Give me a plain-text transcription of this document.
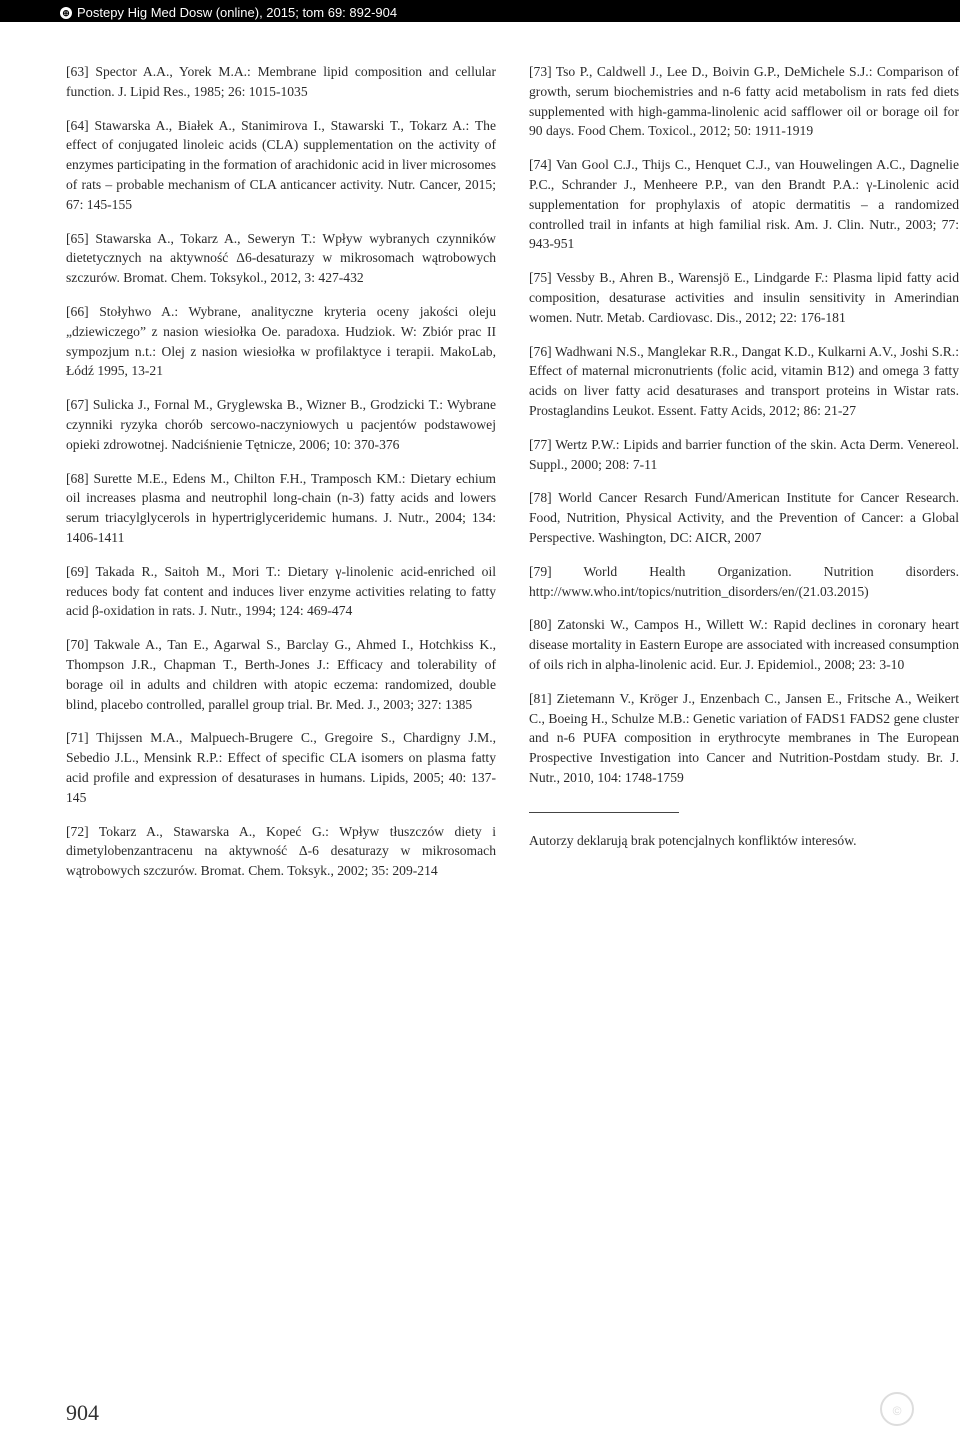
⊕ Postepy Hig Med Dosw (online), 2015; tom 69: 892-904

[63] Spector A.A., Yorek M.A.: Membrane lipid composition and cellular function. J. Lipid Res., 1985; 26: 1015-1035

[64] Stawarska A., Białek A., Stanimirova I., Stawarski T., Tokarz A.: The effect of conjugated linoleic acids (CLA) supplementation on the activity of enzymes participating in the formation of arachidonic acid in liver microsomes of rats – probable mechanism of CLA anticancer activity. Nutr. Cancer, 2015; 67: 145-155

[65] Stawarska A., Tokarz A., Seweryn T.: Wpływ wybranych czynników dietetycznych na aktywność Δ6-desaturazy w mikrosomach wątrobowych szczurów. Bromat. Chem. Toksykol., 2012, 3: 427-432

[66] Stołyhwo A.: Wybrane, analityczne kryteria oceny jakości oleju „dziewiczego” z nasion wiesiołka Oe. paradoxa. Hudziok. W: Zbiór prac II sympozjum n.t.: Olej z nasion wiesiołka w profilaktyce i terapii. MakoLab, Łódź 1995, 13-21

[67] Sulicka J., Fornal M., Gryglewska B., Wizner B., Grodzicki T.: Wybrane czynniki ryzyka chorób sercowo-naczyniowych u pacjentów podstawowej opieki zdrowotnej. Nadciśnienie Tętnicze, 2006; 10: 370-376

[68] Surette M.E., Edens M., Chilton F.H., Tramposch KM.: Dietary echium oil increases plasma and neutrophil long-chain (n-3) fatty acids and lowers serum triacylglycerols in hypertriglyceridemic humans. J. Nutr., 2004; 134: 1406-1411

[69] Takada R., Saitoh M., Mori T.: Dietary γ-linolenic acid-enriched oil reduces body fat content and induces liver enzyme activities relating to fatty acid β-oxidation in rats. J. Nutr., 1994; 124: 469-474

[70] Takwale A., Tan E., Agarwal S., Barclay G., Ahmed I., Hotchkiss K., Thompson J.R., Chapman T., Berth-Jones J.: Efficacy and tolerability of borage oil in adults and children with atopic eczema: randomized, double blind, placebo controlled, parallel group trial. Br. Med. J., 2003; 327: 1385

[71] Thijssen M.A., Malpuech-Brugere C., Gregoire S., Chardigny J.M., Sebedio J.L., Mensink R.P.: Effect of specific CLA isomers on plasma fatty acid profile and expression of desaturases in humans. Lipids, 2005; 40: 137-145

[72] Tokarz A., Stawarska A., Kopeć G.: Wpływ tłuszczów diety i dimetylobenzantracenu na aktywność Δ-6 desaturazy w mikrosomach wątrobowych szczurów. Bromat. Chem. Toksyk., 2002; 35: 209-214

[73] Tso P., Caldwell J., Lee D., Boivin G.P., DeMichele S.J.: Comparison of growth, serum biochemistries and n-6 fatty acid metabolism in rats fed diets supplemented with high-gamma-linolenic acid safflower oil or borage oil for 90 days. Food Chem. Toxicol., 2012; 50: 1911-1919

[74] Van Gool C.J., Thijs C., Henquet C.J., van Houwelingen A.C., Dagnelie P.C., Schrander J., Menheere P.P., van den Brandt P.A.: γ-Linolenic acid supplementation for prophylaxis of atopic dermatitis – a randomized controlled trail in infants at high familial risk. Am. J. Clin. Nutr., 2003; 77: 943-951

[75] Vessby B., Ahren B., Warensjö E., Lindgarde F.: Plasma lipid fatty acid composition, desaturase activities and insulin sensitivity in Amerindian women. Nutr. Metab. Cardiovasc. Dis., 2012; 22: 176-181

[76] Wadhwani N.S., Manglekar R.R., Dangat K.D., Kulkarni A.V., Joshi S.R.: Effect of maternal micronutrients (folic acid, vitamin B12) and omega 3 fatty acids on liver fatty acid desaturases and transport proteins in Wistar rats. Prostaglandins Leukot. Essent. Fatty Acids, 2012; 86: 21-27

[77] Wertz P.W.: Lipids and barrier function of the skin. Acta Derm. Venereol. Suppl., 2000; 208: 7-11

[78] World Cancer Resarch Fund/American Institute for Cancer Research. Food, Nutrition, Physical Activity, and the Prevention of Cancer: a Global Perspective. Washington, DC: AICR, 2007

[79] World Health Organization. Nutrition disorders. http://www.who.int/topics/nutrition_disorders/en/(21.03.2015)

[80] Zatonski W., Campos H., Willett W.: Rapid declines in coronary heart disease mortality in Eastern Europe are associated with increased consumption of oils rich in alpha-linolenic acid. Eur. J. Epidemiol., 2008; 23: 3-10

[81] Zietemann V., Kröger J., Enzenbach C., Jansen E., Fritsche A., Weikert C., Boeing H., Schulze M.B.: Genetic variation of FADS1 FADS2 gene cluster and n-6 PUFA composition in erythrocyte membranes in The European Prospective Investigation into Cancer and Nutrition-Postdam study. Br. J. Nutr., 2010, 104: 1748-1759

Autorzy deklarują brak potencjalnych konfliktów interesów.

904	©
